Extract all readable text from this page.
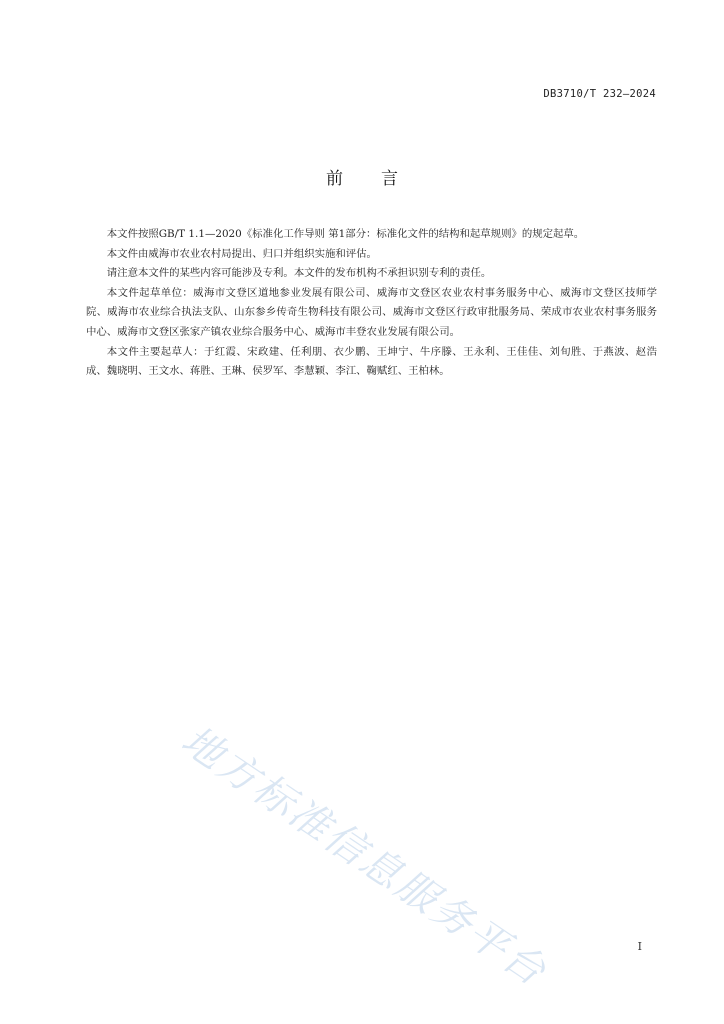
DB3710/T 232—2024
前言

本文件按照GB/T 1.1—2020《标准化工作导则 第1部分：标准化文件的结构和起草规则》的规定起草。

本文件由威海市农业农村局提出、归口并组织实施和评估。

请注意本文件的某些内容可能涉及专利。本文件的发布机构不承担识别专利的责任。

本文件起草单位：威海市文登区道地参业发展有限公司、威海市文登区农业农村事务服务中心、威海市文登区技师学院、威海市农业综合执法支队、山东参乡传奇生物科技有限公司、威海市文登区行政审批服务局、荣成市农业农村事务服务中心、威海市文登区张家产镇农业综合服务中心、威海市丰登农业发展有限公司。

本文件主要起草人：于红霞、宋政建、任利朋、衣少鹏、王坤宁、牛序滕、王永利、王佳佳、刘旬胜、于燕波、赵浩成、魏晓明、王文水、蒋胜、王琳、侯罗军、李慧颖、李江、鞠赋红、王柏林。

地方标准信息服务平台	I
